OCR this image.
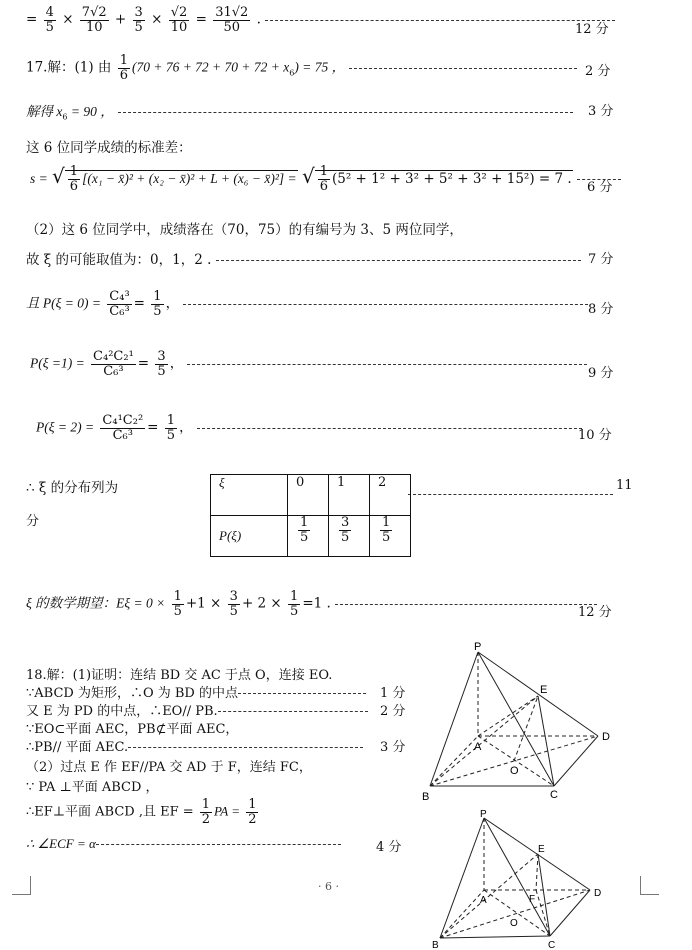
= $\frac{4}{5} \times \frac{7√2}{10} + \frac{3}{5} \times \frac{√2}{10} = \frac{31√2}{50}$ .
12 分
17.解：(1) 由 $\frac{1}{6} (70 + 76 + 72 + 70 + 72 + x_6) = 75$ ，	2 分
解得 $x_6 = 90$ ，	3 分
这 6 位同学成绩的标准差：
s = √ $\frac{1}{6} [(x_1$ − x̄)² + (x₂ − x̄)² + L + (x₆ − x̄)²] = √ $\frac{1}{6} (5^2 + 1^2 + 3^2 + 5^2 + 3^2 + 15^2) = 7$ .
6 分
（2）这 6 位同学中，成绩落在（70，75）的有编号为 3、5 两位同学，
故 ξ 的可能取值为：0，1，2 .	7 分
且 $P(\xi = 0) = \frac{\text{C₄³}}{\text{C₆³}} = \frac{1}{5}$ ，	8 分
$P(\xi =1) = \frac{\text{C₄²C₂¹}}{\text{C₆³}} = \frac{3}{5}$ ，
9 分
$P(\xi = 2) = \frac{\text{C₄¹C₂²}}{\text{C₆³}} = \frac{1}{5}$ ，	10 分
∴ ξ 的分布列为	11
分
ξ	0	1	2
P(ξ)	$\frac{1}{5}$	$\frac{3}{5}$	$\frac{1}{5}$
ξ 的数学期望：$E\xi = 0 \times \frac{1}{5} +1 \times \frac{3}{5} + 2 \times \frac{1}{5} =1$ .
12 分
18.解：(1)证明：连结 BD 交 AC 于点 O，连接 EO.
∵ABCD 为矩形，∴O 为 BD 的中点	1 分
又 E 为 PD 的中点，∴EO// PB.	2 分
∵EO⊂平面 AEC，PB⊄平面 AEC，
∴PB// 平面 AEC.	3 分
（2）过点 E 作 EF//PA 交 AD 于 F，连结 FC，
∵ PA ⊥平面 ABCD ，
∴EF⊥平面 ABCD ,且 EF = $\frac{1}{2}$ PA = $\frac{1}{2}$
∴ ∠ECF = α	4 分
P
E
A
D
O
B	C
P
E
A	F
D
O
B	C
· 6 ·
